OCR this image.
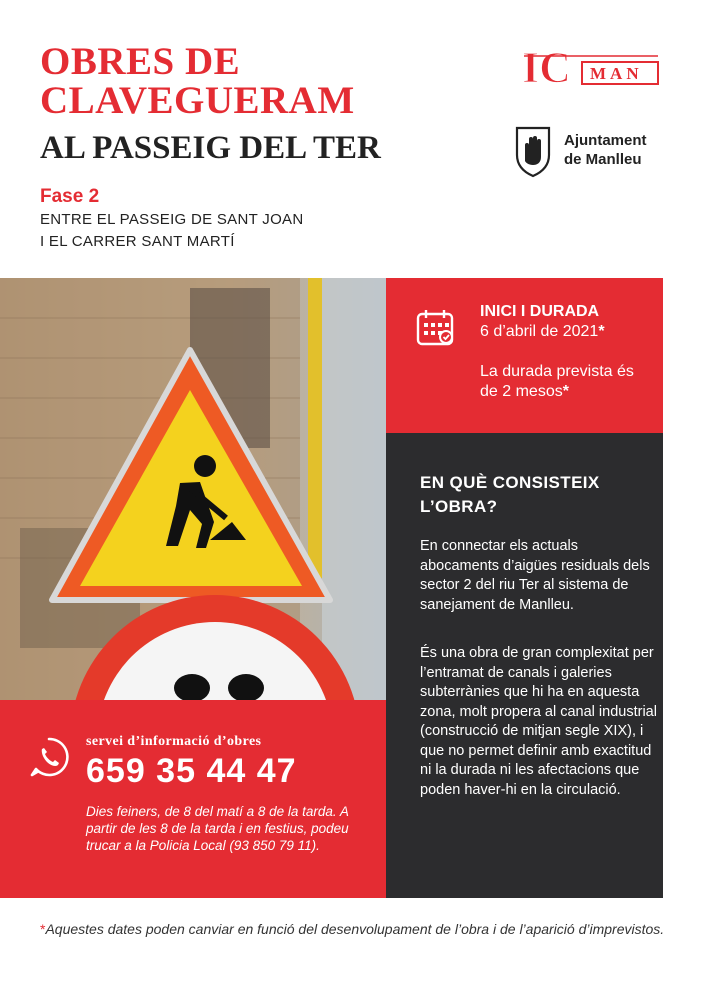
OBRES DE
CLAVEGUERAM
AL PASSEIG DEL TER
Fase 2
ENTRE EL PASSEIG DE SANT JOAN
I EL CARRER SANT MARTÍ
IC MAN
Ajuntament
de Manlleu
INICI I DURADA
6 d’abril de 2021*
La durada prevista és de 2 mesos*
EN QUÈ CONSISTEIX L’OBRA?

En connectar els actuals abocaments d’aigües residuals dels sector 2 del riu Ter al sistema de sanejament de Manlleu.

És una obra de gran complexitat per l’entramat de canals i galeries subterrànies que hi ha en aquesta zona, molt propera al canal industrial (construcció de mitjan segle XIX), i que no permet definir amb exactitud ni la durada ni les afectacions que poden haver-hi en la circulació.

servei d’informació d’obres
659 35 44 47
Dies feiners, de 8 del matí a 8 de la tarda. A partir de les 8 de la tarda i en festius, podeu trucar a la Policia Local (93 850 79 11).
*Aquestes dates poden canviar en funció del desenvolupament de l’obra i de l’aparició d’imprevistos.
